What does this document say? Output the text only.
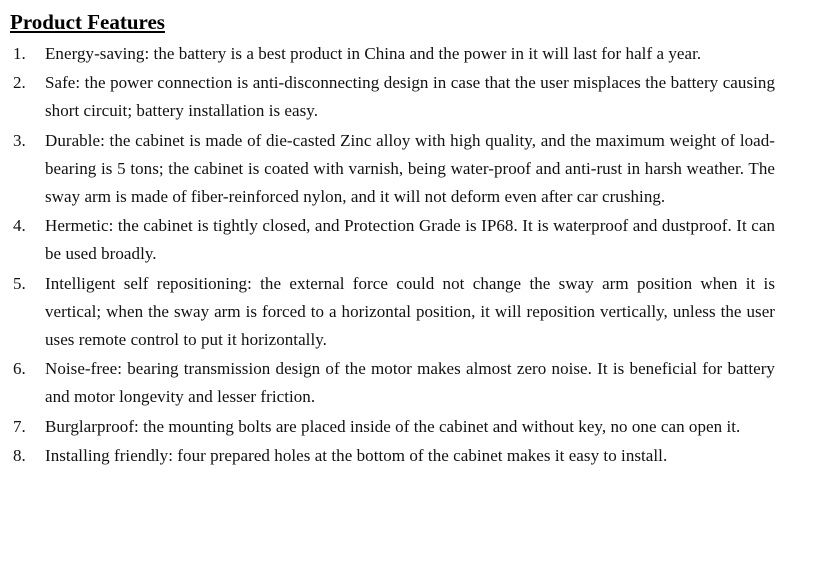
Product Features
1.	Energy-saving: the battery is a best product in China and the power in it will last for half a year.
2.	Safe: the power connection is anti-disconnecting design in case that the user misplaces the battery causing short circuit; battery installation is easy.
3.	Durable: the cabinet is made of die-casted Zinc alloy with high quality, and the maximum weight of load-bearing is 5 tons; the cabinet is coated with varnish, being water-proof and anti-rust in harsh weather. The sway arm is made of fiber-reinforced nylon, and it will not deform even after car crushing.
4.	Hermetic: the cabinet is tightly closed, and Protection Grade is IP68. It is waterproof and dustproof. It can be used broadly.
5.	Intelligent self repositioning: the external force could not change the sway arm position when it is vertical; when the sway arm is forced to a horizontal position, it will reposition vertically, unless the user uses remote control to put it horizontally.
6.	Noise-free: bearing transmission design of the motor makes almost zero noise. It is beneficial for battery and motor longevity and lesser friction.
7.	Burglarproof: the mounting bolts are placed inside of the cabinet and without key, no one can open it.
8.	Installing friendly: four prepared holes at the bottom of the cabinet makes it easy to install.
